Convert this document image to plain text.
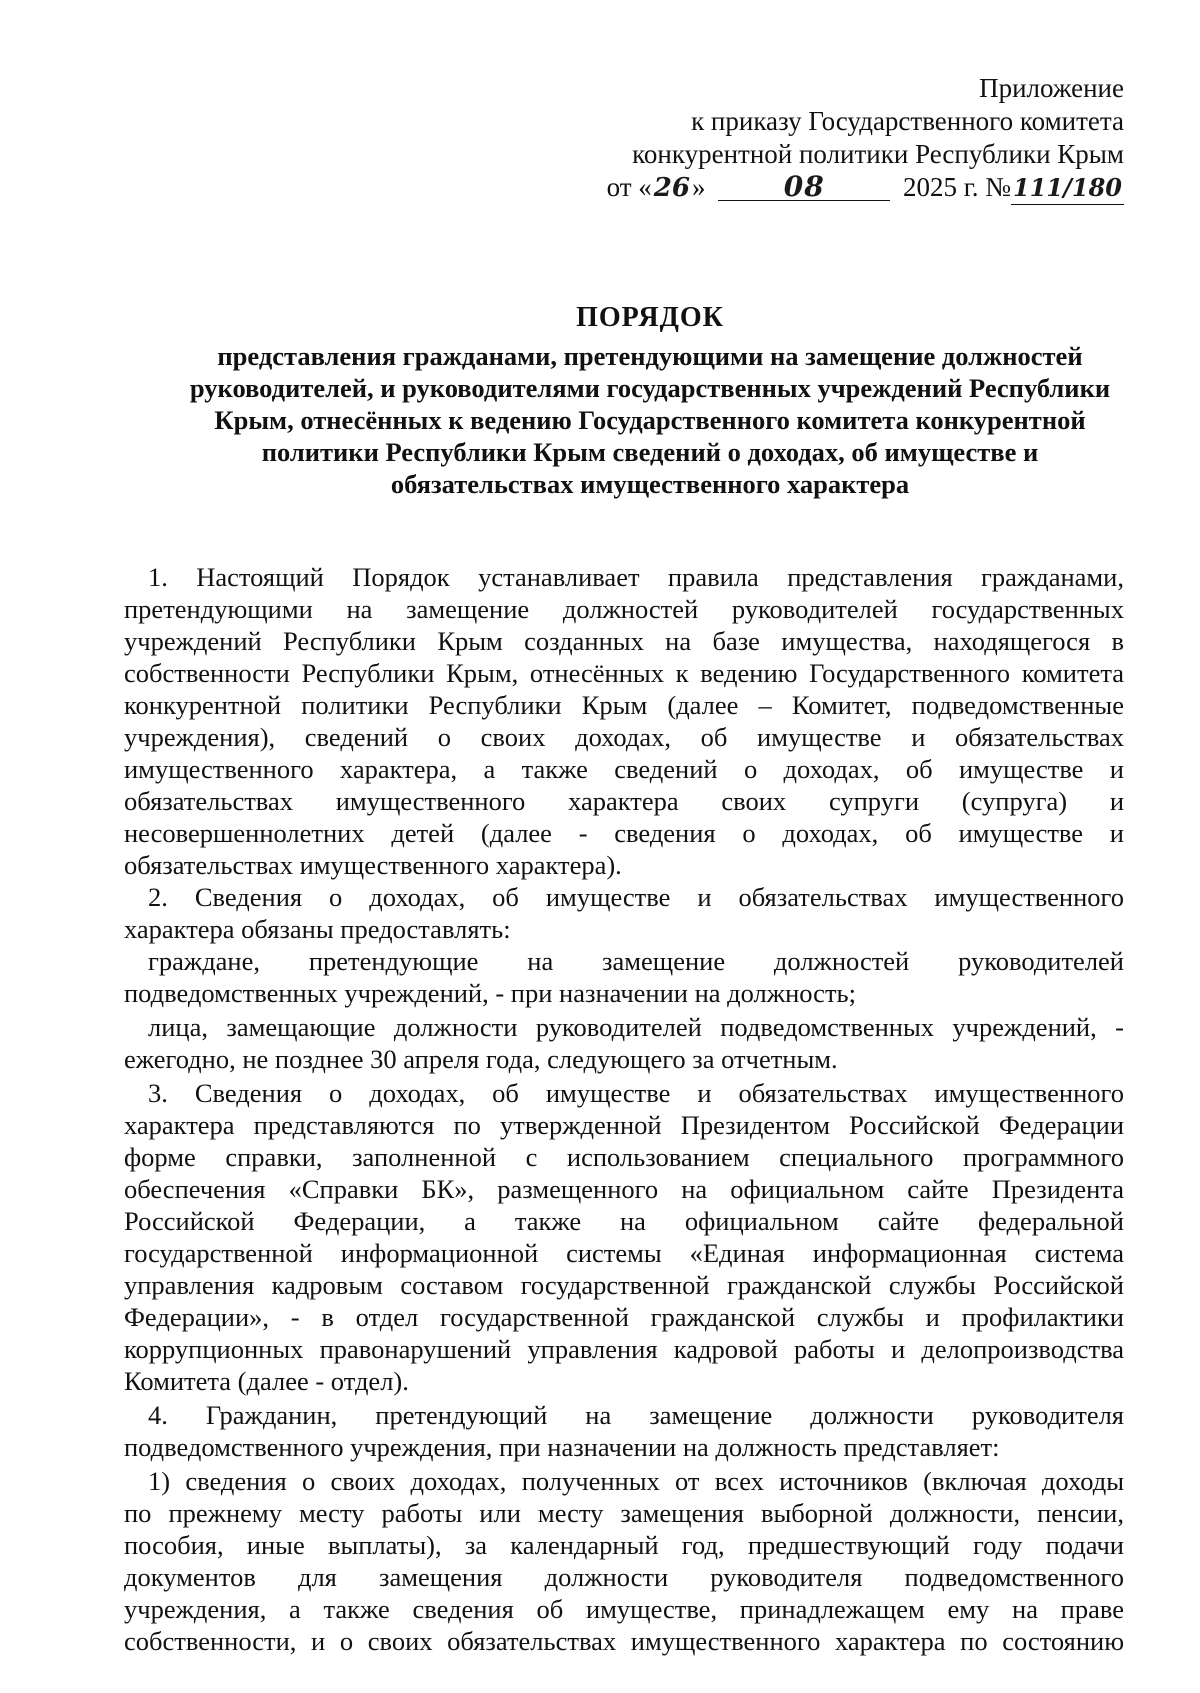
Приложение
к приказу Государственного комитета
конкурентной политики Республики Крым
от «26»	08	2025 г. №111/180
ПОРЯДОК
представления гражданами, претендующими на замещение должностей
руководителей, и руководителями государственных учреждений Республики
Крым, отнесённых к ведению Государственного комитета конкурентной
политики Республики Крым сведений о доходах, об имуществе и
обязательствах имущественного характера
1. Настоящий Порядок устанавливает правила представления гражданами,
претендующими на замещение должностей руководителей государственных
учреждений Республики Крым созданных на базе имущества, находящегося в
собственности Республики Крым, отнесённых к ведению Государственного комитета
конкурентной политики Республики Крым (далее – Комитет, подведомственные
учреждения), сведений о своих доходах, об имуществе и обязательствах
имущественного характера, а также сведений о доходах, об имуществе и
обязательствах имущественного характера своих супруги (супруга) и
несовершеннолетних детей (далее - сведения о доходах, об имуществе и
обязательствах имущественного характера).
2. Сведения о доходах, об имуществе и обязательствах имущественного
характера обязаны предоставлять:
граждане, претендующие на замещение должностей руководителей
подведомственных учреждений, - при назначении на должность;
лица, замещающие должности руководителей подведомственных учреждений, -
ежегодно, не позднее 30 апреля года, следующего за отчетным.
3. Сведения о доходах, об имуществе и обязательствах имущественного
характера представляются по утвержденной Президентом Российской Федерации
форме справки, заполненной с использованием специального программного
обеспечения «Справки БК», размещенного на официальном сайте Президента
Российской Федерации, а также на официальном сайте федеральной
государственной информационной системы «Единая информационная система
управления кадровым составом государственной гражданской службы Российской
Федерации», - в отдел государственной гражданской службы и профилактики
коррупционных правонарушений управления кадровой работы и делопроизводства
Комитета (далее - отдел).
4. Гражданин, претендующий на замещение должности руководителя
подведомственного учреждения, при назначении на должность представляет:
1) сведения о своих доходах, полученных от всех источников (включая доходы
по прежнему месту работы или месту замещения выборной должности, пенсии,
пособия, иные выплаты), за календарный год, предшествующий году подачи
документов для замещения должности руководителя подведомственного
учреждения, а также сведения об имуществе, принадлежащем ему на праве
собственности, и о своих обязательствах имущественного характера по состоянию
